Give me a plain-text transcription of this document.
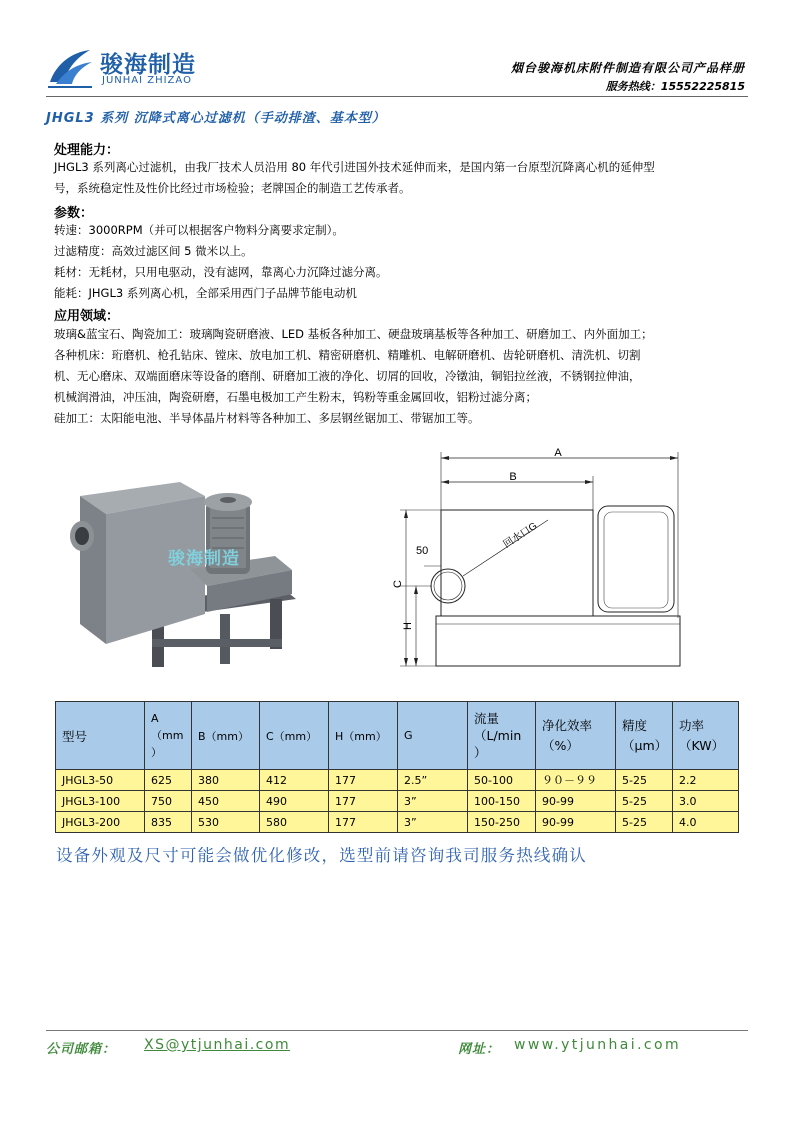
骏海制造
JUNHAI ZHIZAO
烟台骏海机床附件制造有限公司产品样册
服务热线：15552225815
JHGL3 系列 沉降式离心过滤机（手动排渣、基本型）
处理能力：
JHGL3 系列离心过滤机，由我厂技术人员沿用 80 年代引进国外技术延伸而来，是国内第一台原型沉降离心机的延伸型
号，系统稳定性及性价比经过市场检验；老牌国企的制造工艺传承者。
参数：
转速：3000RPM（并可以根据客户物料分离要求定制）。
过滤精度：高效过滤区间 5 微米以上。
耗材：无耗材，只用电驱动，没有滤网，靠离心力沉降过滤分离。
能耗：JHGL3 系列离心机，全部采用西门子品牌节能电动机
应用领域：
玻璃&蓝宝石、陶瓷加工：玻璃陶瓷研磨液、LED 基板各种加工、硬盘玻璃基板等各种加工、研磨加工、内外面加工；
各种机床：珩磨机、枪孔钻床、镗床、放电加工机、精密研磨机、精雕机、电解研磨机、齿轮研磨机、清洗机、切割
机、无心磨床、双端面磨床等设备的磨削、研磨加工液的净化、切屑的回收，冷镦油，铜铝拉丝液，不锈钢拉伸油，
机械润滑油，冲压油，陶瓷研磨，石墨电极加工产生粉末，钨粉等重金属回收，铝粉过滤分离；
硅加工：太阳能电池、半导体晶片材料等各种加工、多层钢丝锯加工、带锯加工等。
骏海制造
A
B
50
回水口G
C
H
型号	A
（mm
）	B（mm）	C（mm）	H（mm）	G	流量
（L/min
）	净化效率
（%）	精度
（μm）	功率
（KW）
JHGL3-50	625	380	412	177	2.5”	50-100	９０－９９	5-25	2.2
JHGL3-100	750	450	490	177	3”	100-150	90-99	5-25	3.0
JHGL3-200	835	530	580	177	3”	150-250	90-99	5-25	4.0
设备外观及尺寸可能会做优化修改，选型前请咨询我司服务热线确认
公司邮箱： XS@ytjunhai.com	网址： www.ytjunhai.com
